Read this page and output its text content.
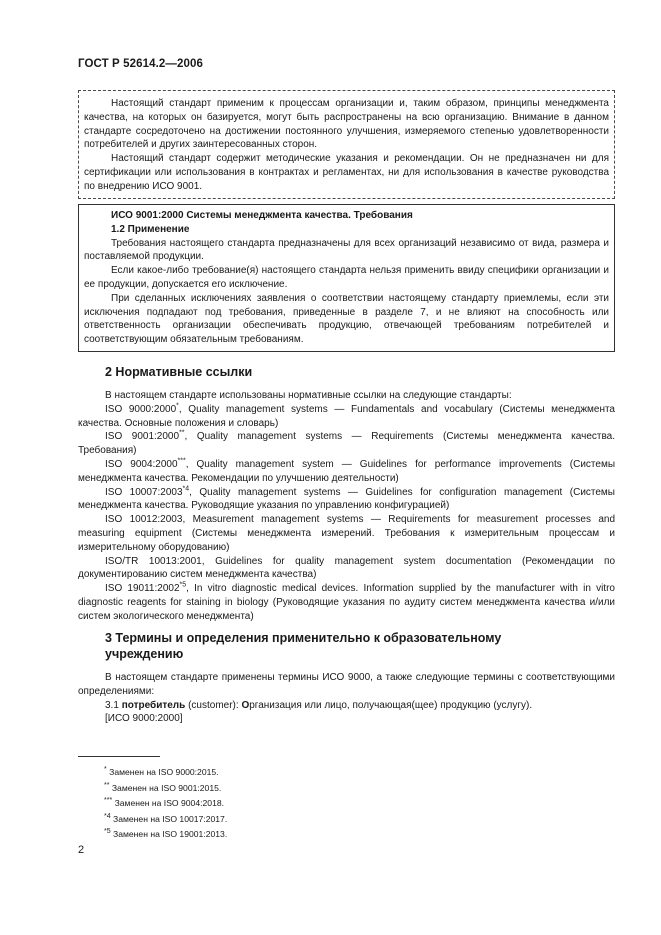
ГОСТ Р 52614.2—2006

Настоящий стандарт применим к процессам организации и, таким образом, принципы менеджмента качества, на которых он базируется, могут быть распространены на всю организацию. Внимание в данном стандарте сосредоточено на достижении постоянного улучшения, измеряемого степенью удовлетворенности потребителей и других заинтересованных сторон.

Настоящий стандарт содержит методические указания и рекомендации. Он не предназначен ни для сертификации или использования в контрактах и регламентах, ни для использования в качестве руководства по внедрению ИСО 9001.

ИСО 9001:2000 Системы менеджмента качества. Требования
1.2 Применение

Требования настоящего стандарта предназначены для всех организаций независимо от вида, размера и поставляемой продукции.

Если какое-либо требование(я) настоящего стандарта нельзя применить ввиду специфики организации и ее продукции, допускается его исключение.

При сделанных исключениях заявления о соответствии настоящему стандарту приемлемы, если эти исключения подпадают под требования, приведенные в разделе 7, и не влияют на способность или ответственность организации обеспечивать продукцию, отвечающей требованиям потребителей и соответствующим обязательным требованиям.

2 Нормативные ссылки

В настоящем стандарте использованы нормативные ссылки на следующие стандарты:

ISO 9000:2000*, Quality management systems — Fundamentals and vocabulary (Системы менеджмента качества. Основные положения и словарь)

ISO 9001:2000**, Quality management systems — Requirements (Системы менеджмента качества. Требования)

ISO 9004:2000***, Quality management system — Guidelines for performance improvements (Системы менеджмента качества. Рекомендации по улучшению деятельности)

ISO 10007:2003$^{*4}$, Quality management systems — Guidelines for configuration management (Системы менеджмента качества. Руководящие указания по управлению конфигурацией)

ISO 10012:2003, Measurement management systems — Requirements for measurement processes and measuring equipment (Системы менеджмента измерений. Требования к измерительным процессам и измерительному оборудованию)

ISO/TR 10013:2001, Guidelines for quality management system documentation (Рекомендации по документированию систем менеджмента качества)

ISO 19011:2002$^{*5}$, In vitro diagnostic medical devices. Information supplied by the manufacturer with in vitro diagnostic reagents for staining in biology (Руководящие указания по аудиту систем менеджмента качества и/или систем экологического менеджмента)

3 Термины и определения применительно к образовательному
учреждению

В настоящем стандарте применены термины ИСО 9000, а также следующие термины с соответствующими определениями:

3.1 потребитель (customer): Организация или лицо, получающая(щее) продукцию (услугу).

[ИСО 9000:2000]

* Заменен на ISO 9000:2015.

** Заменен на ISO 9001:2015.

*** Заменен на ISO 9004:2018.

$^{*4}$ Заменен на ISO 10017:2017.

$^{*5}$ Заменен на ISO 19001:2013.

2
